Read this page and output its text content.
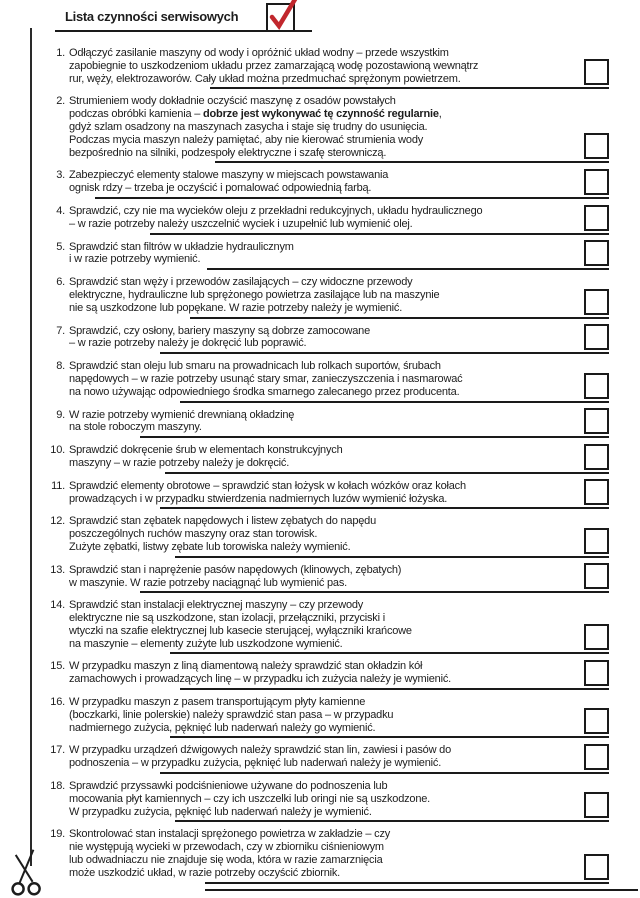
Lista czynności serwisowych
1. Odłączyć zasilanie maszyny od wody i opróżnić układ wodny – przede wszystkim
zapobiegnie to uszkodzeniom układu przez zamarzającą wodę pozostawioną wewnątrz
rur, węży, elektrozaworów. Cały układ można przedmuchać sprężonym powietrzem.
2. Strumieniem wody dokładnie oczyścić maszynę z osadów powstałych
podczas obróbki kamienia – dobrze jest wykonywać tę czynność regularnie,
gdyż szlam osadzony na maszynach zasycha i staje się trudny do usunięcia.
Podczas mycia maszyn należy pamiętać, aby nie kierować strumienia wody
bezpośrednio na silniki, podzespoły elektryczne i szafę sterowniczą.
3. Zabezpieczyć elementy stalowe maszyny w miejscach powstawania
ognisk rdzy – trzeba je oczyścić i pomalować odpowiednią farbą.
4. Sprawdzić, czy nie ma wycieków oleju z przekładni redukcyjnych, układu hydraulicznego
– w razie potrzeby należy uszczelnić wyciek i uzupełnić lub wymienić olej.
5. Sprawdzić stan filtrów w układzie hydraulicznym
i w razie potrzeby wymienić.
6. Sprawdzić stan węży i przewodów zasilających – czy widoczne przewody
elektryczne, hydrauliczne lub sprężonego powietrza zasilające lub na maszynie
nie są uszkodzone lub popękane. W razie potrzeby należy je wymienić.
7. Sprawdzić, czy osłony, bariery maszyny są dobrze zamocowane
– w razie potrzeby należy je dokręcić lub poprawić.
8. Sprawdzić stan oleju lub smaru na prowadnicach lub rolkach suportów, śrubach
napędowych – w razie potrzeby usunąć stary smar, zanieczyszczenia i nasmarować
na nowo używając odpowiedniego środka smarnego zalecanego przez producenta.
9. W razie potrzeby wymienić drewnianą okładzinę
na stole roboczym maszyny.
10. Sprawdzić dokręcenie śrub w elementach konstrukcyjnych
maszyny – w razie potrzeby należy je dokręcić.
11. Sprawdzić elementy obrotowe – sprawdzić stan łożysk w kołach wózków oraz kołach
prowadzących i w przypadku stwierdzenia nadmiernych luzów wymienić łożyska.
12. Sprawdzić stan zębatek napędowych i listew zębatych do napędu
poszczególnych ruchów maszyny oraz stan torowisk.
Zużyte zębatki, listwy zębate lub torowiska należy wymienić.
13. Sprawdzić stan i naprężenie pasów napędowych (klinowych, zębatych)
w maszynie. W razie potrzeby naciągnąć lub wymienić pas.
14. Sprawdzić stan instalacji elektrycznej maszyny – czy przewody
elektryczne nie są uszkodzone, stan izolacji, przełączniki, przyciski i
wtyczki na szafie elektrycznej lub kasecie sterującej, wyłączniki krańcowe
na maszynie – elementy zużyte lub uszkodzone wymienić.
15. W przypadku maszyn z liną diamentową należy sprawdzić stan okładzin kół
zamachowych i prowadzących linę – w przypadku ich zużycia należy je wymienić.
16. W przypadku maszyn z pasem transportującym płyty kamienne
(boczkarki, linie polerskie) należy sprawdzić stan pasa – w przypadku
nadmiernego zużycia, pęknięć lub naderwań należy go wymienić.
17. W przypadku urządzeń dźwigowych należy sprawdzić stan lin, zawiesi i pasów do
podnoszenia – w przypadku zużycia, pęknięć lub naderwań należy je wymienić.
18. Sprawdzić przyssawki podciśnieniowe używane do podnoszenia lub
mocowania płyt kamiennych – czy ich uszczelki lub oringi nie są uszkodzone.
W przypadku zużycia, pęknięć lub naderwań należy je wymienić.
19. Skontrolować stan instalacji sprężonego powietrza w zakładzie – czy
nie występują wycieki w przewodach, czy w zbiorniku ciśnieniowym
lub odwadniaczu nie znajduje się woda, która w razie zamarznięcia
może uszkodzić układ, w razie potrzeby oczyścić zbiornik.
